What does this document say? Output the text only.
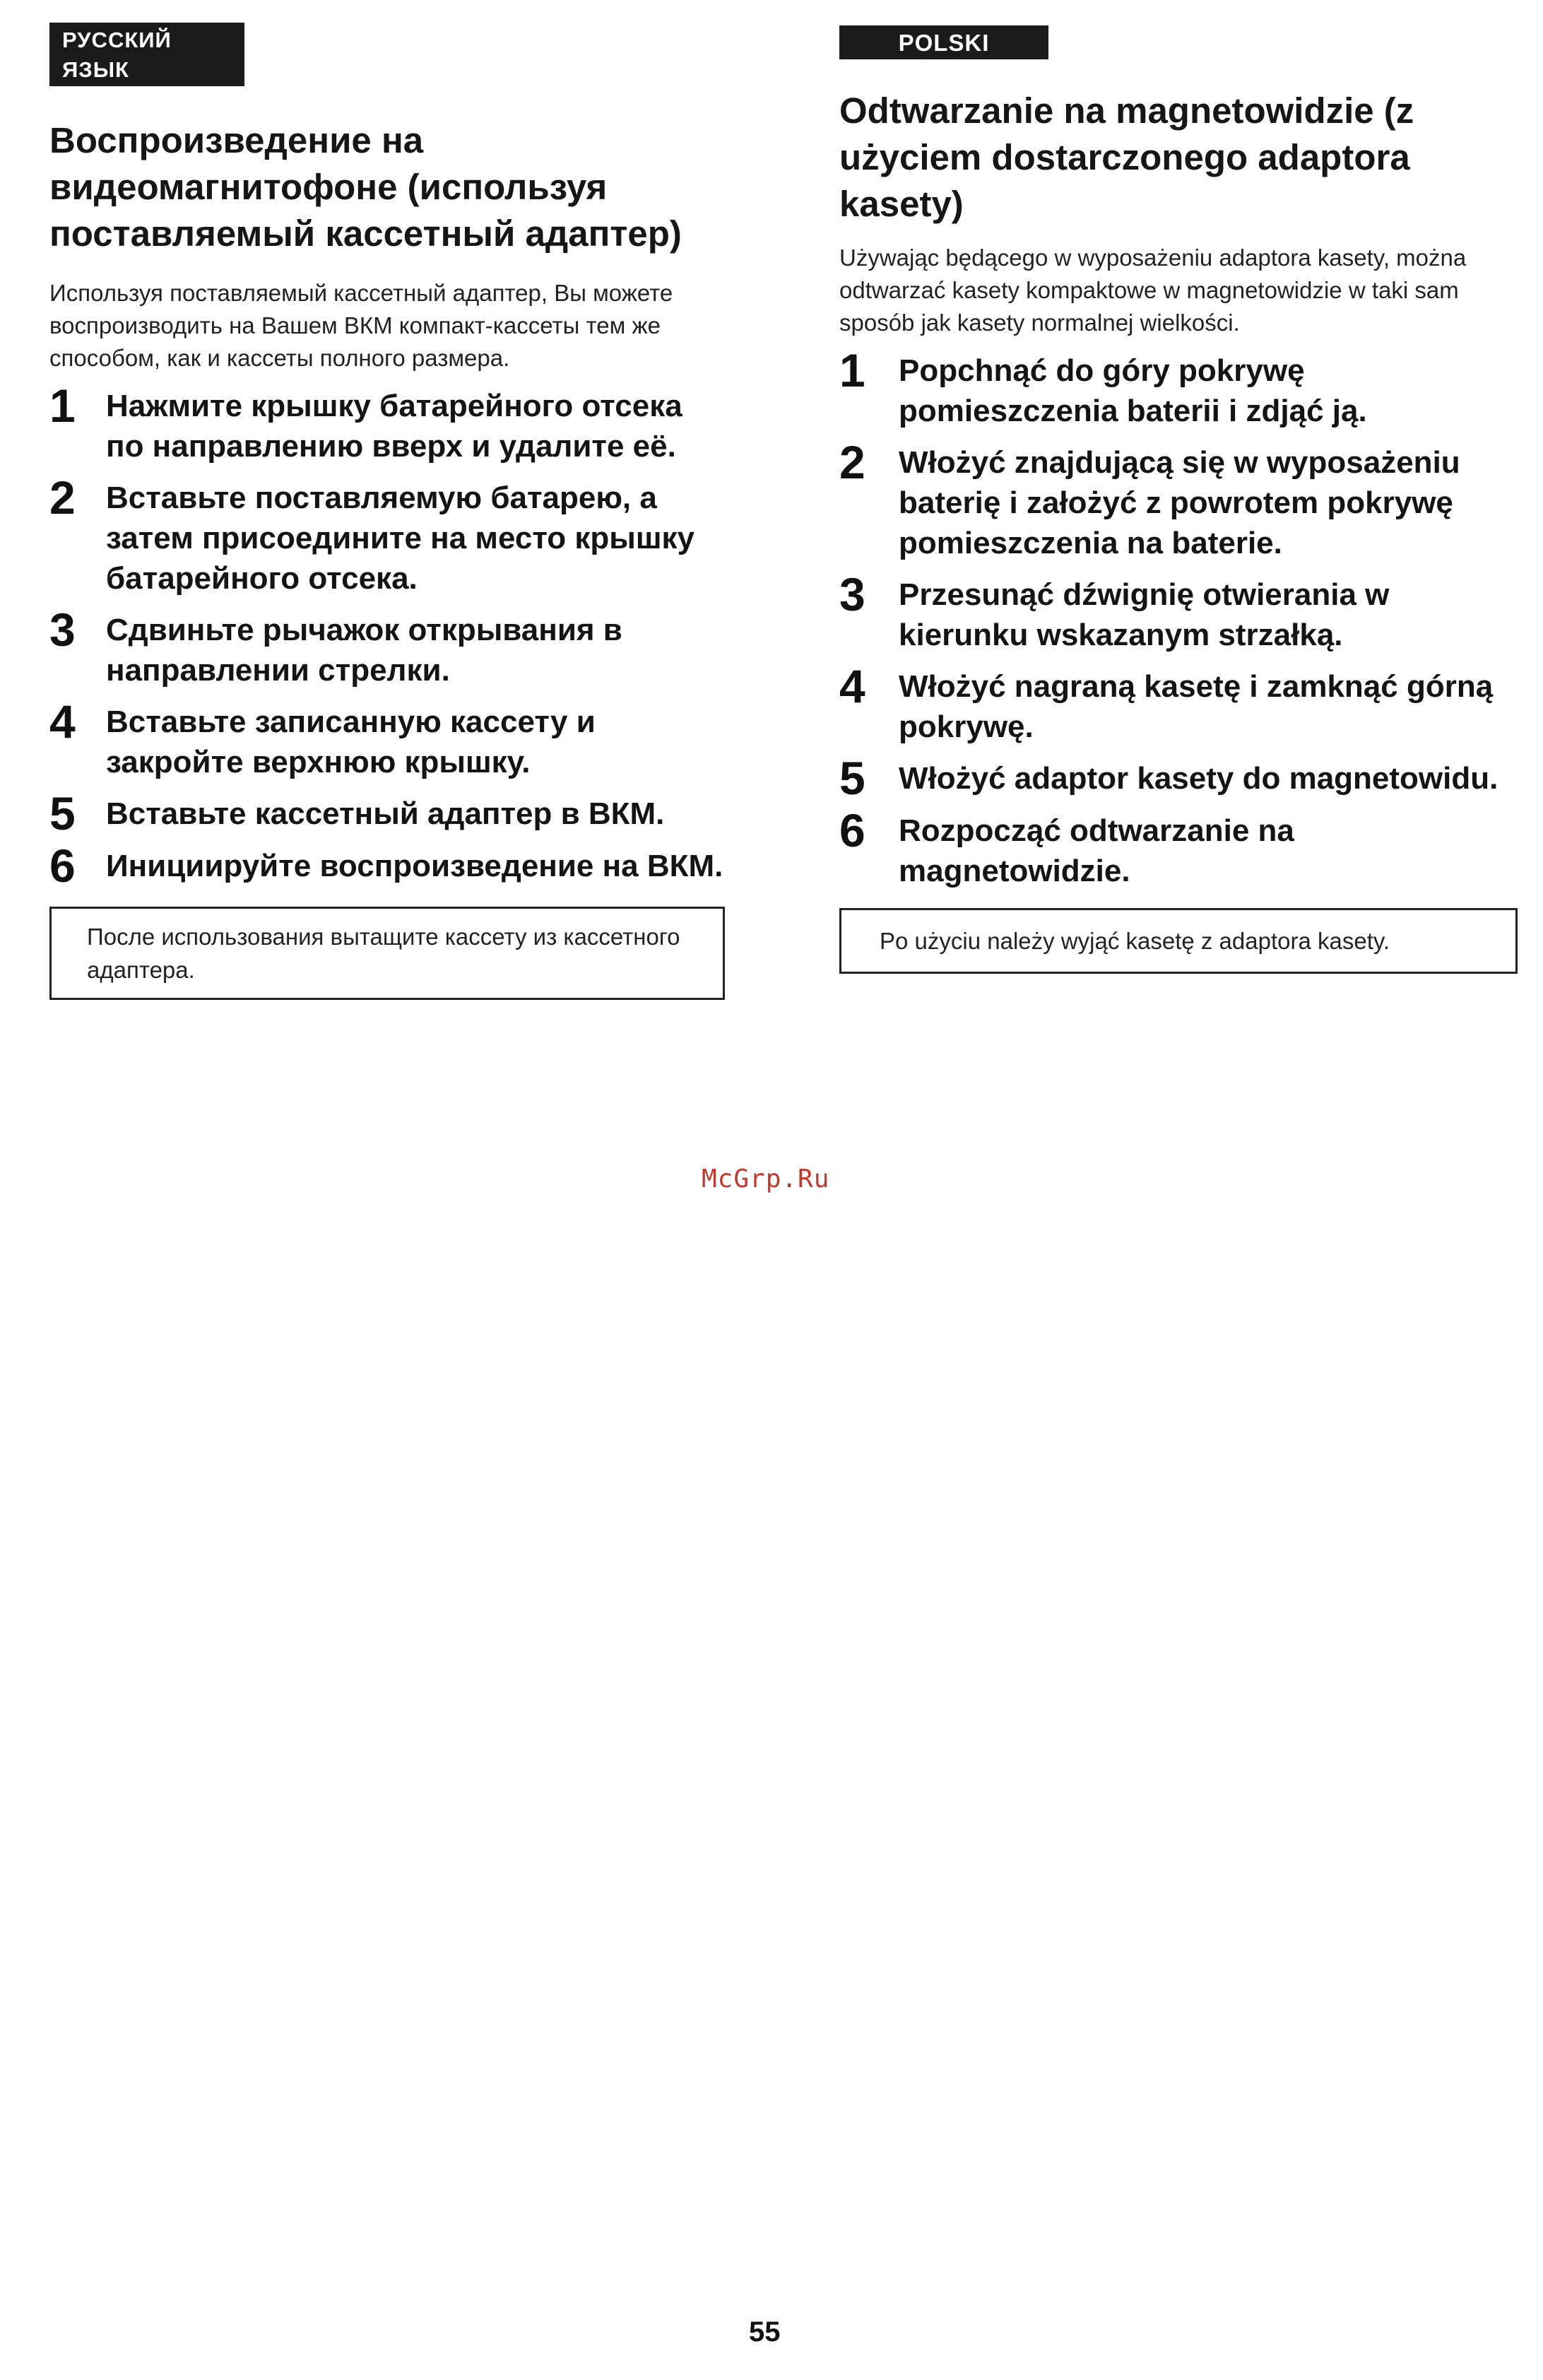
РУССКИЙ ЯЗЫК
Воспроизведение на видеомагнитофоне (используя поставляемый кассетный адаптер)

Используя поставляемый кассетный адаптер, Вы можете воспроизводить на Вашем ВКМ компакт-кассеты тем же способом, как и кассеты полного размера.

1 Нажмите крышку батарейного отсека по направлению вверх и удалите её.
2 Вставьте поставляемую батарею, а затем присоедините на место крышку батарейного отсека.
3 Сдвиньте рычажок открывания в направлении стрелки.
4 Вставьте записанную кассету и закройте верхнюю крышку.
5 Вставьте кассетный адаптер в ВКМ.
6 Инициируйте воспроизведение на ВКМ.
После использования вытащите кассету из кассетного адаптера.
POLSKI
Odtwarzanie na magnetowidzie (z użyciem dostarczonego adaptora kasety)

Używając będącego w wyposażeniu adaptora kasety, można odtwarzać kasety kompaktowe w magnetowidzie w taki sam sposób jak kasety normalnej wielkości.

1	Popchnąć do góry pokrywę pomieszczenia baterii i zdjąć ją.
2	Włożyć znajdującą się w wyposażeniu baterię i założyć z powrotem pokrywę pomieszczenia na baterie.
3	Przesunąć dźwignię otwierania w kierunku wskazanym strzałką.
4	Włożyć nagraną kasetę i zamknąć górną pokrywę.
5	Włożyć adaptor kasety do magnetowidu.
6	Rozpocząć odtwarzanie na magnetowidzie.
Po użyciu należy wyjąć kasetę z adaptora kasety.
McGrp.Ru
55
